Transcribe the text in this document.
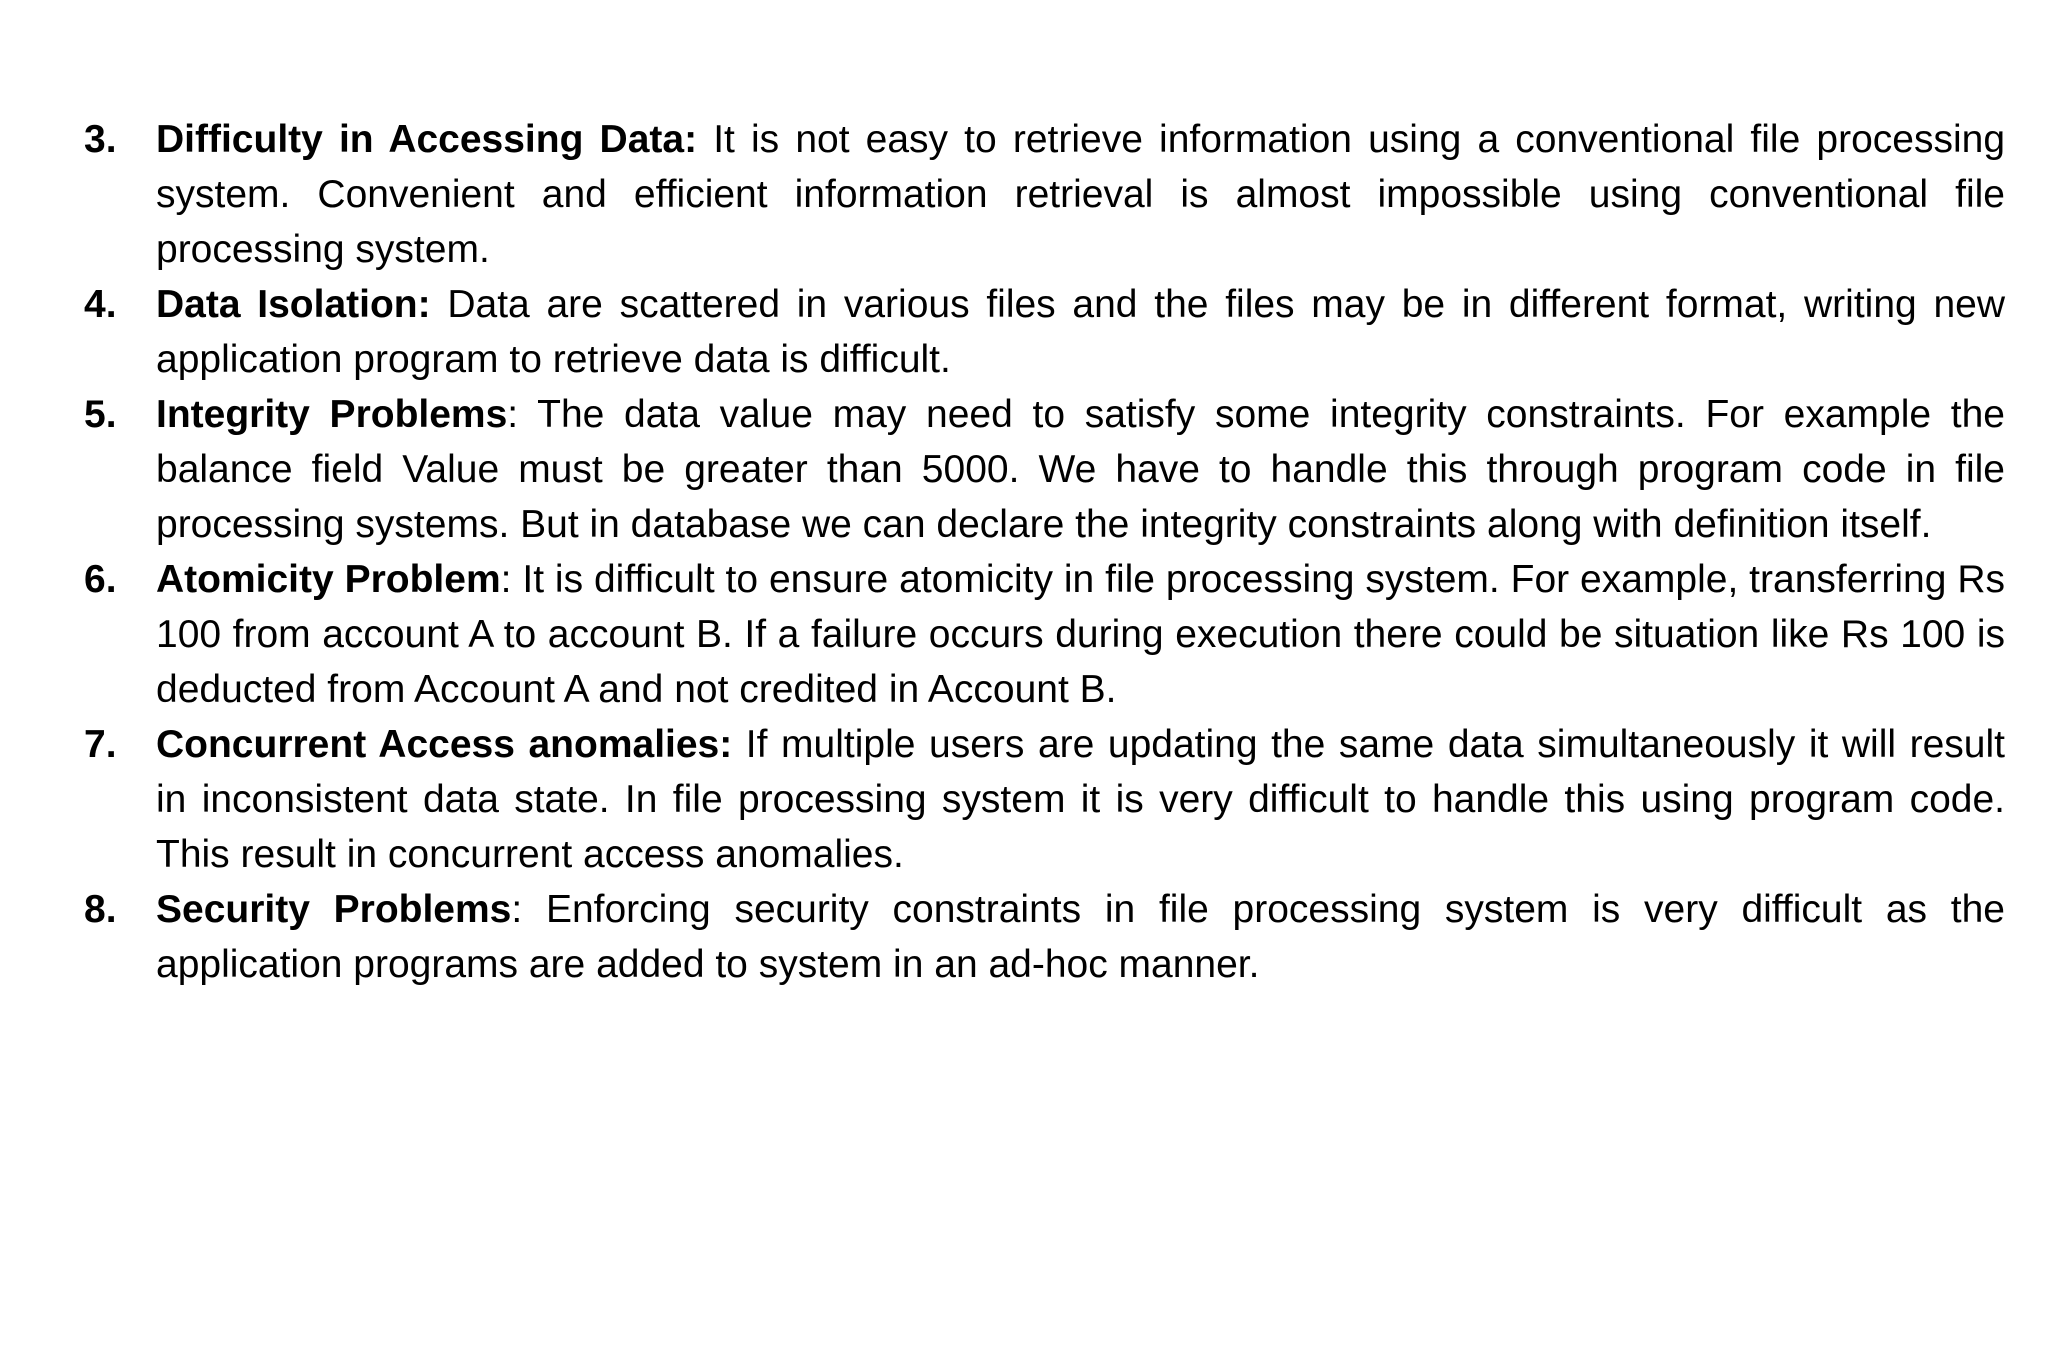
3.	Difficulty in Accessing Data: It is not easy to retrieve information using a conventional file processing system. Convenient and efficient information retrieval is almost impossible using conventional file processing system.
4.	Data Isolation: Data are scattered in various files and the files may be in different format, writing new application program to retrieve data is difficult.
5.	Integrity Problems: The data value may need to satisfy some integrity constraints. For example the balance field Value must be greater than 5000. We have to handle this through program code in file processing systems. But in database we can declare the integrity constraints along with definition itself.
6.	Atomicity Problem: It is difficult to ensure atomicity in file processing system. For example, transferring Rs 100 from account A to account B. If a failure occurs during execution there could be situation like Rs 100 is deducted from Account A and not credited in Account B.
7.	Concurrent Access anomalies: If multiple users are updating the same data simultaneously it will result in inconsistent data state. In file processing system it is very difficult to handle this using program code. This result in concurrent access anomalies.
8.	Security Problems: Enforcing security constraints in file processing system is very difficult as the application programs are added to system in an ad-hoc manner.
